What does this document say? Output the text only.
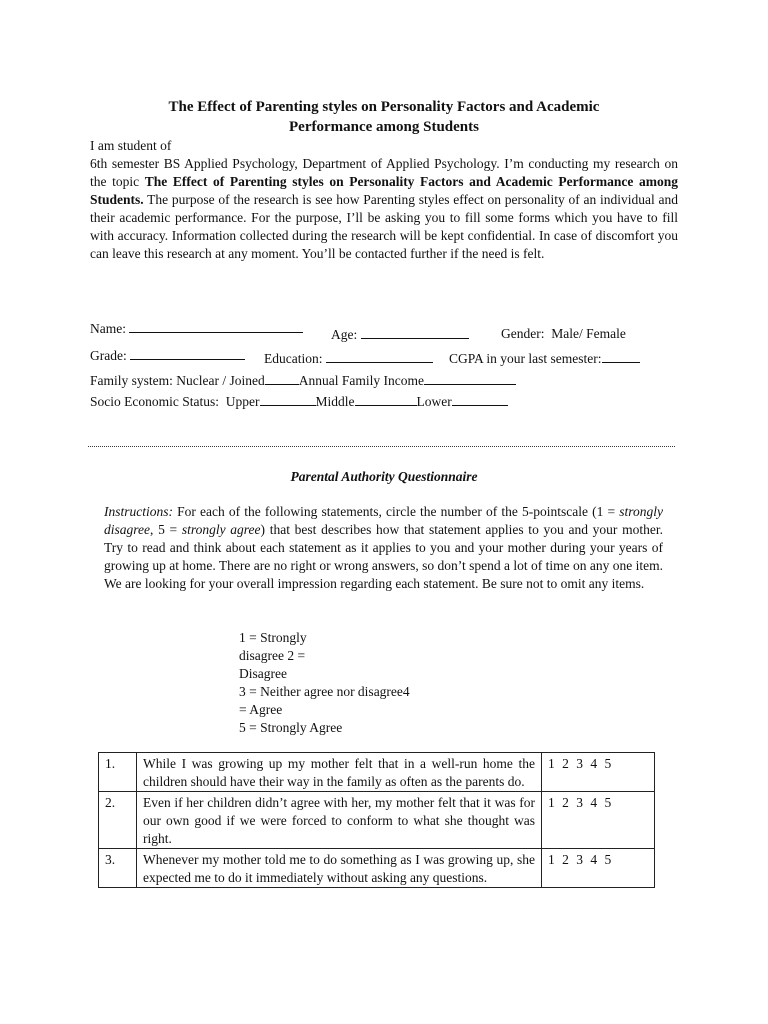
The Effect of Parenting styles on Personality Factors and Academic
Performance among Students
I am student of
6th semester BS Applied Psychology, Department of Applied Psychology. I’m conducting my research on the topic The Effect of Parenting styles on Personality Factors and Academic Performance among Students. The purpose of the research is see how Parenting styles effect on personality of an individual and their academic performance. For the purpose, I’ll be asking you to fill some forms which you have to fill with accuracy. Information collected during the research will be kept confidential. In case of discomfort you can leave this research at any moment. You’ll be contacted further if the need is felt.
Name:	Age:	Gender: Male/ Female
Grade:	Education:	CGPA in your last semester:
Family system: Nuclear / Joined	Annual Family Income
Socio Economic Status: Upper	Middle	Lower
Parental Authority Questionnaire
Instructions: For each of the following statements, circle the number of the 5-pointscale (1 = strongly disagree, 5 = strongly agree) that best describes how that statement applies to you and your mother. Try to read and think about each statement as it applies to you and your mother during your years of growing up at home. There are no right or wrong answers, so don’t spend a lot of time on any one item. We are looking for your overall impression regarding each statement. Be sure not to omit any items.
1 = Strongly
disagree 2 =
Disagree
3 = Neither agree nor disagree4
= Agree
5 = Strongly Agree
1.	While I was growing up my mother felt that in a well-run home the children should have their way in the family as often as the parents do.	1 2 3 4 5
2.	Even if her children didn’t agree with her, my mother felt that it was for our own good if we were forced to conform to what she thought was right.	1 2 3 4 5
3.	Whenever my mother told me to do something as I was growing up, she expected me to do it immediately without asking any questions.	1 2 3 4 5
